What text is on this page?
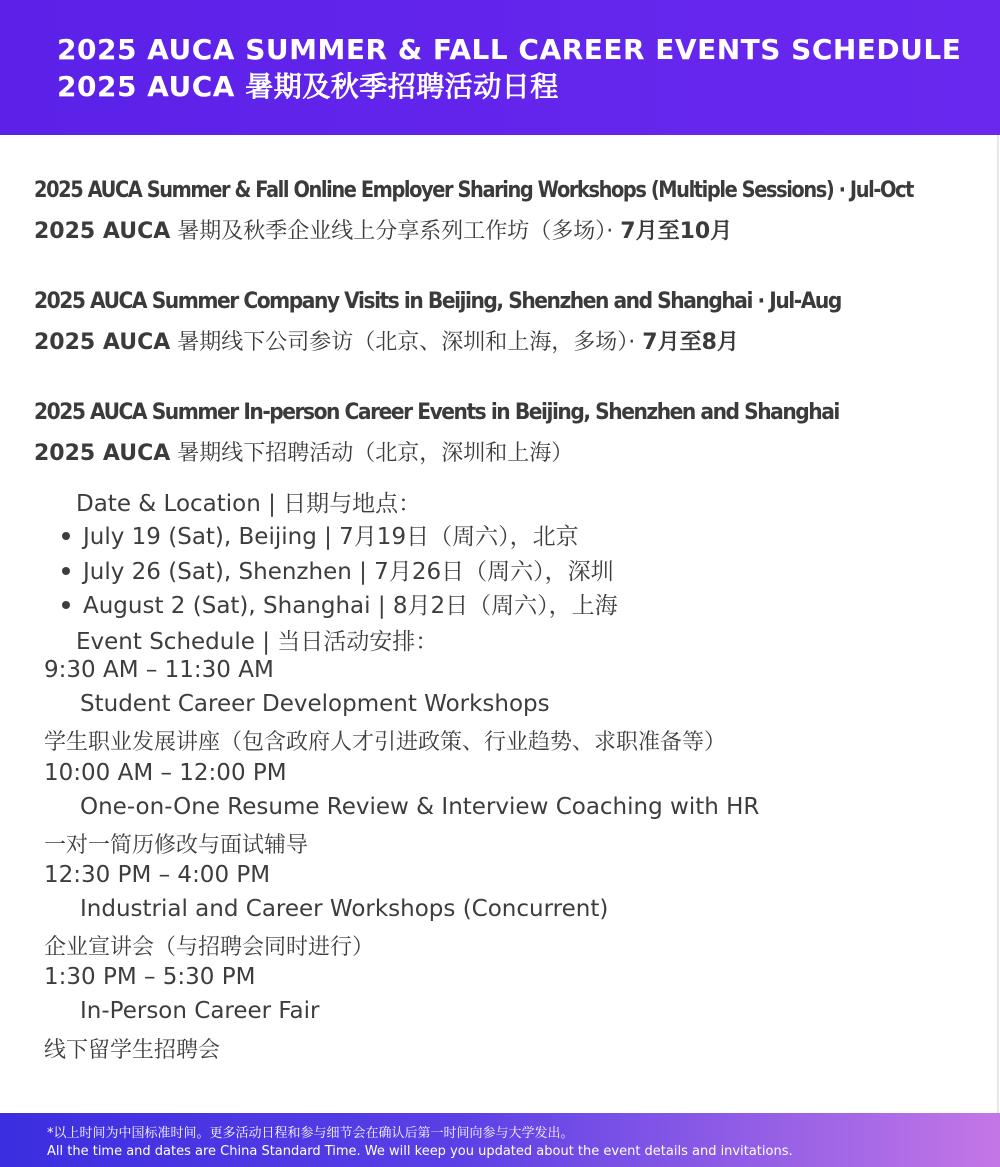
2025 AUCA SUMMER & FALL CAREER EVENTS SCHEDULE
2025 AUCA 暑期及秋季招聘活动日程
2025 AUCA Summer & Fall Online Employer Sharing Workshops (Multiple Sessions) · Jul-Oct
2025 AUCA 暑期及秋季企业线上分享系列工作坊（多场）· 7月至10月
2025 AUCA Summer Company Visits in Beijing, Shenzhen and Shanghai · Jul-Aug
2025 AUCA 暑期线下公司参访（北京、深圳和上海，多场）· 7月至8月
2025 AUCA Summer In-person Career Events in Beijing, Shenzhen and Shanghai
2025 AUCA 暑期线下招聘活动（北京，深圳和上海）
Date & Location | 日期与地点：
July 19 (Sat), Beijing | 7月19日（周六），北京
July 26 (Sat), Shenzhen | 7月26日（周六），深圳
August 2 (Sat), Shanghai | 8月2日（周六），上海
Event Schedule | 当日活动安排：
9:30 AM – 11:30 AM
Student Career Development Workshops
学生职业发展讲座（包含政府人才引进政策、行业趋势、求职准备等）
10:00 AM – 12:00 PM
One-on-One Resume Review & Interview Coaching with HR
一对一简历修改与面试辅导
12:30 PM – 4:00 PM
Industrial and Career Workshops (Concurrent)
企业宣讲会（与招聘会同时进行）
1:30 PM – 5:30 PM
In-Person Career Fair
线下留学生招聘会
*以上时间为中国标准时间。更多活动日程和参与细节会在确认后第一时间向参与大学发出。
All the time and dates are China Standard Time. We will keep you updated about the event details and invitations.
